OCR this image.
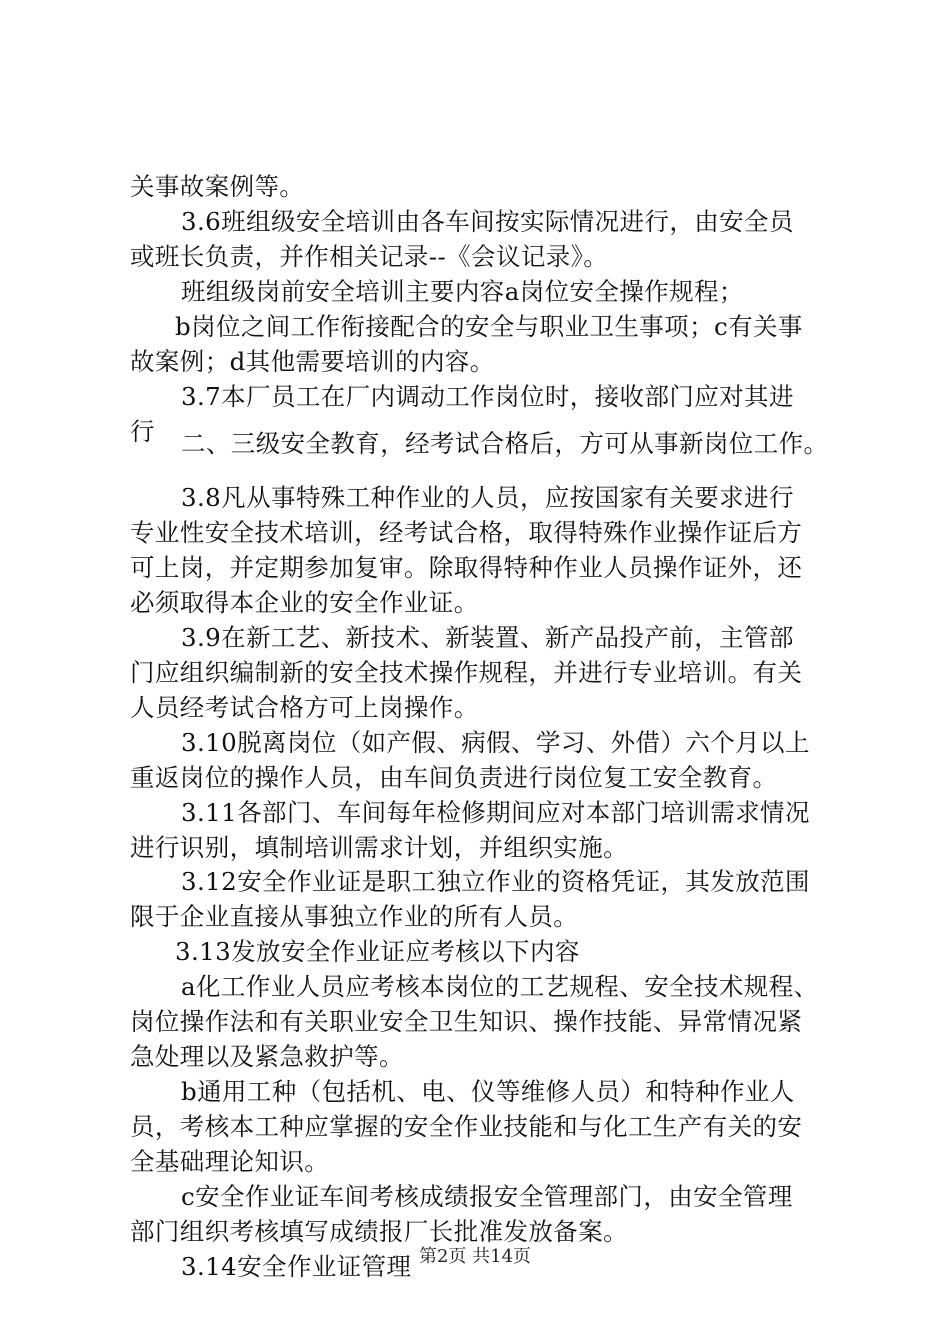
关事故案例等。
3.6班组级安全培训由各车间按实际情况进行，由安全员
或班长负责，并作相关记录--《会议记录》。
班组级岗前安全培训主要内容a岗位安全操作规程；
b岗位之间工作衔接配合的安全与职业卫生事项；c有关事
故案例；d其他需要培训的内容。
3.7本厂员工在厂内调动工作岗位时，接收部门应对其进
行 二、三级安全教育，经考试合格后，方可从事新岗位工作。
3.8凡从事特殊工种作业的人员，应按国家有关要求进行
专业性安全技术培训，经考试合格，取得特殊作业操作证后方
可上岗，并定期参加复审。除取得特种作业人员操作证外，还
必须取得本企业的安全作业证。
3.9在新工艺、新技术、新装置、新产品投产前，主管部
门应组织编制新的安全技术操作规程，并进行专业培训。有关
人员经考试合格方可上岗操作。
3.10脱离岗位（如产假、病假、学习、外借）六个月以上
重返岗位的操作人员，由车间负责进行岗位复工安全教育。
3.11各部门、车间每年检修期间应对本部门培训需求情况
进行识别，填制培训需求计划，并组织实施。
3.12安全作业证是职工独立作业的资格凭证，其发放范围
限于企业直接从事独立作业的所有人员。
3.13发放安全作业证应考核以下内容
a化工作业人员应考核本岗位的工艺规程、安全技术规程、
岗位操作法和有关职业安全卫生知识、操作技能、异常情况紧
急处理以及紧急救护等。
b通用工种（包括机、电、仪等维修人员）和特种作业人
员，考核本工种应掌握的安全作业技能和与化工生产有关的安
全基础理论知识。
c安全作业证车间考核成绩报安全管理部门，由安全管理
部门组织考核填写成绩报厂长批准发放备案。
3.14安全作业证管理 第2页 共14页
